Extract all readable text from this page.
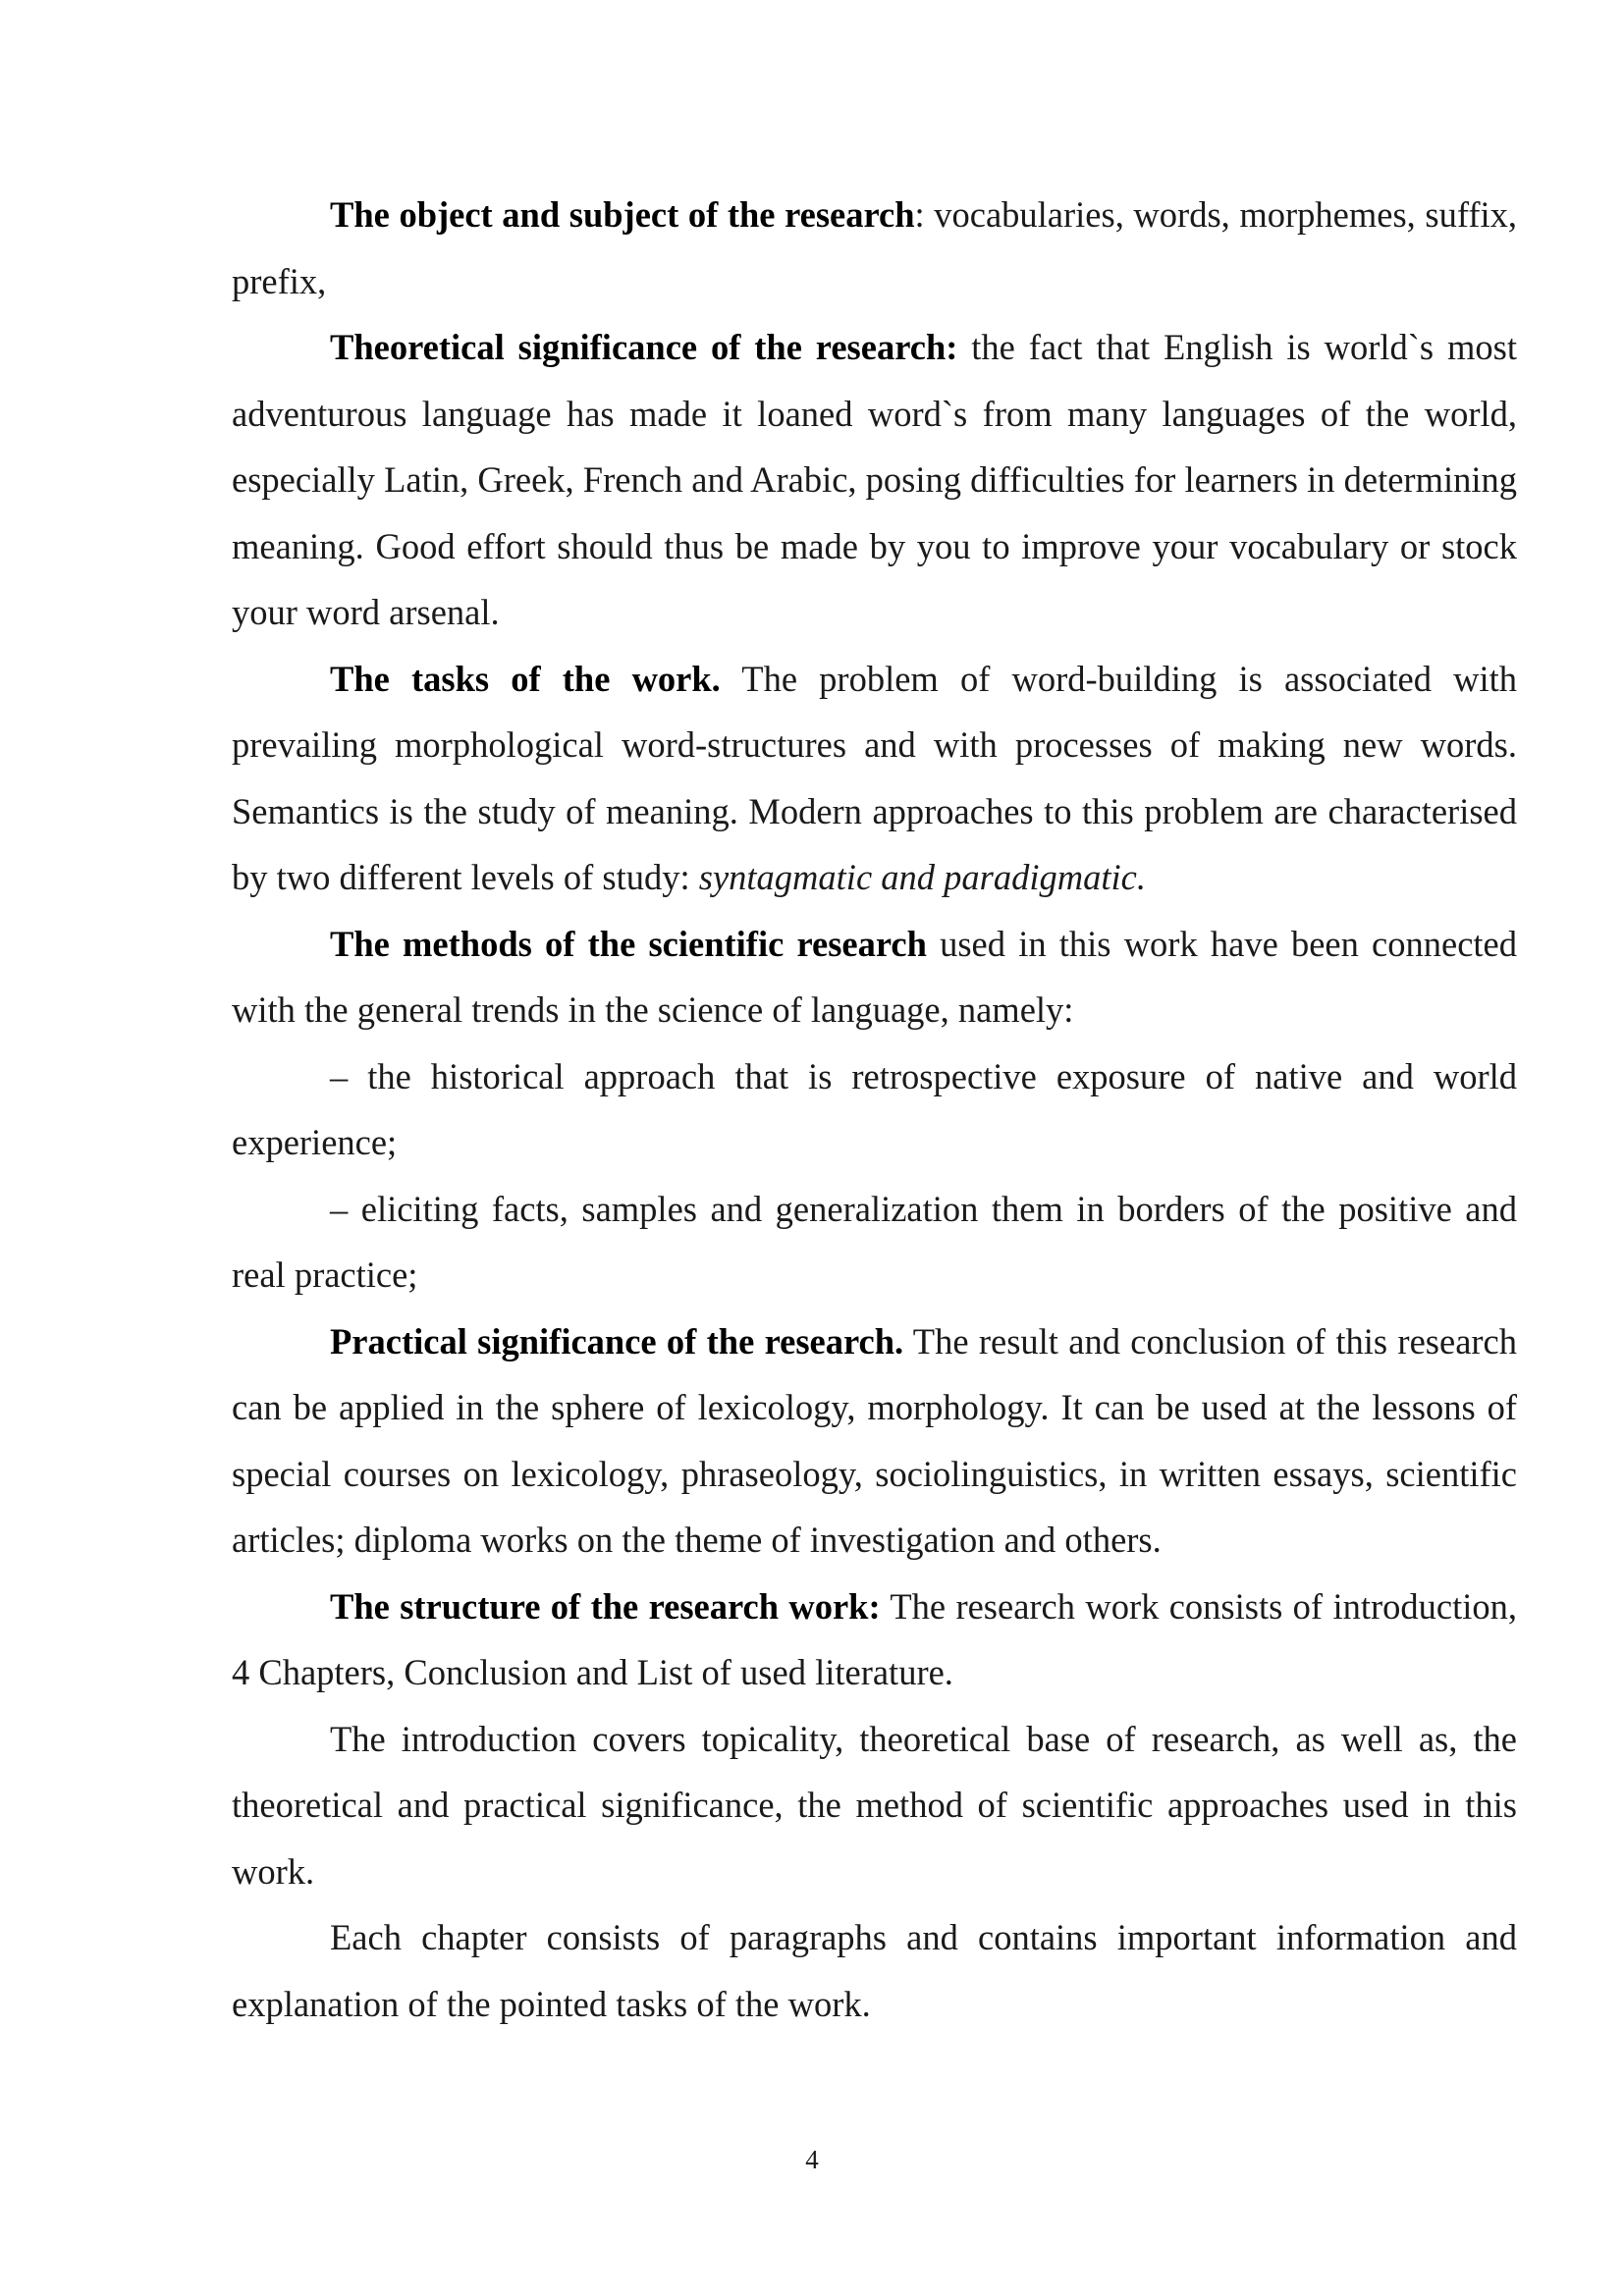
The object and subject of the research: vocabularies, words, morphemes, suffix, prefix,

Theoretical significance of the research: the fact that English is world`s most adventurous language has made it loaned word`s from many languages of the world, especially Latin, Greek, French and Arabic, posing difficulties for learners in determining meaning. Good effort should thus be made by you to improve your vocabulary or stock your word arsenal.

The tasks of the work. The problem of word-building is associated with prevailing morphological word-structures and with processes of making new words. Semantics is the study of meaning. Modern approaches to this problem are characterised by two different levels of study: syntagmatic and paradigmatic.

The methods of the scientific research used in this work have been connected with the general trends in the science of language, namely:

– the historical approach that is retrospective exposure of native and world experience;

– eliciting facts, samples and generalization them in borders of the positive and real practice;

Practical significance of the research. The result and conclusion of this research can be applied in the sphere of lexicology, morphology. It can be used at the lessons of special courses on lexicology, phraseology, sociolinguistics, in written essays, scientific articles; diploma works on the theme of investigation and others.

The structure of the research work: The research work consists of introduction, 4 Chapters, Conclusion and List of used literature.

The introduction covers topicality, theoretical base of research, as well as, the theoretical and practical significance, the method of scientific approaches used in this work.

Each chapter consists of paragraphs and contains important information and explanation of the pointed tasks of the work.

4
